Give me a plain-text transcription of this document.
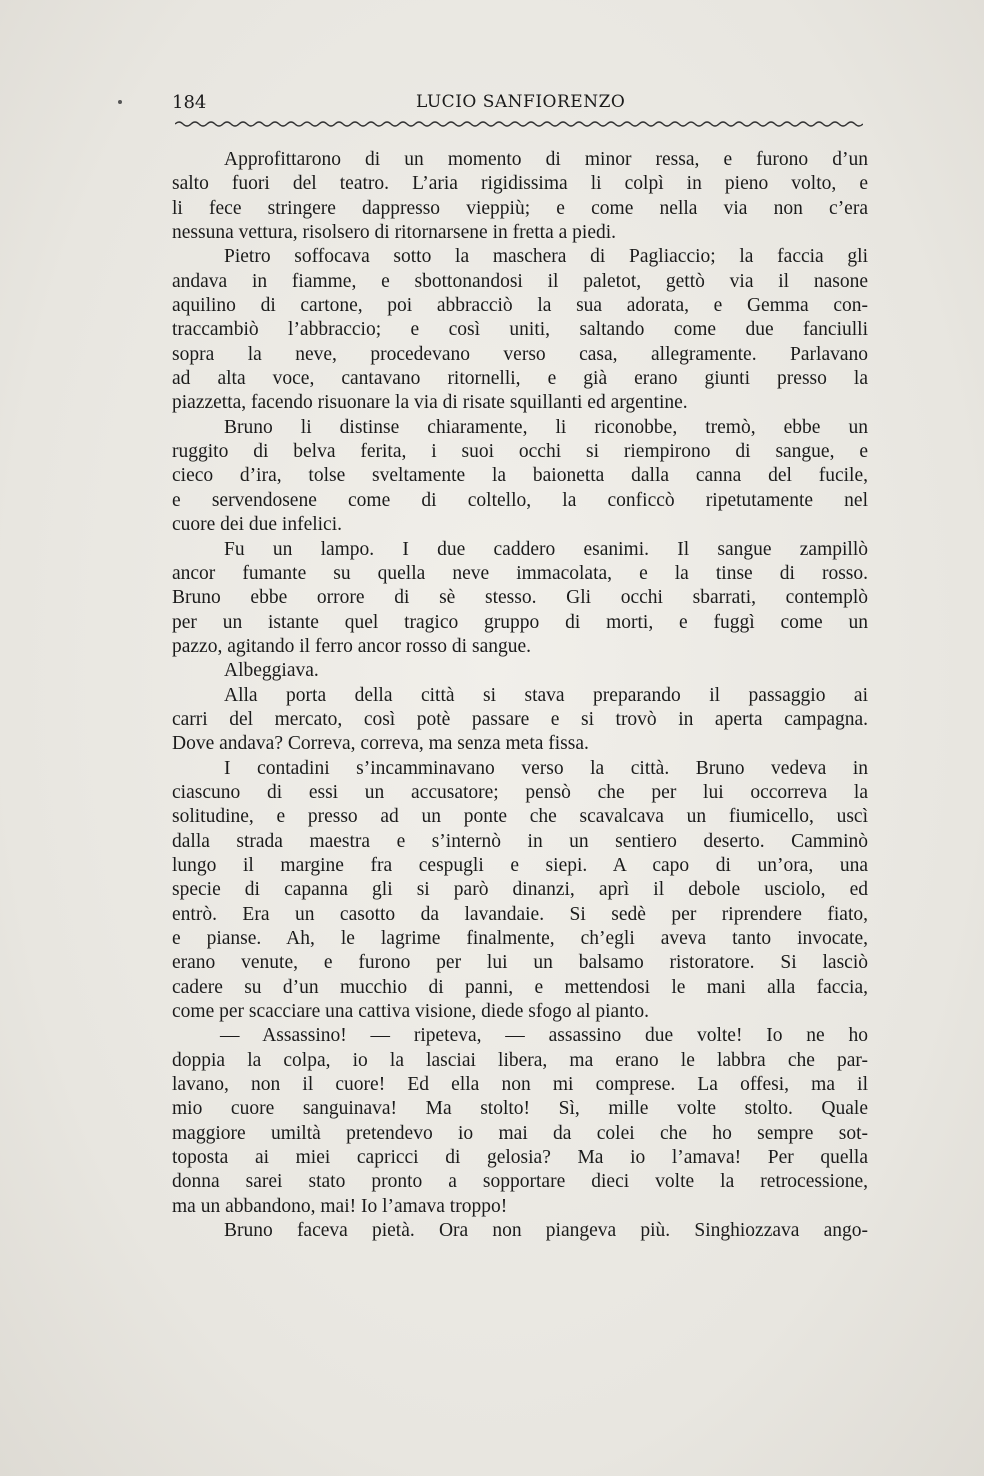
184	LUCIO SANFIORENZO
Approfittarono di un momento di minor ressa, e furono d’un
salto fuori del teatro. L’aria rigidissima li colpì in pieno volto, e
li fece stringere dappresso vieppiù; e come nella via non c’era
nessuna vettura, risolsero di ritornarsene in fretta a piedi.
Pietro soffocava sotto la maschera di Pagliaccio; la faccia gli
andava in fiamme, e sbottonandosi il paletot, gettò via il nasone
aquilino di cartone, poi abbracciò la sua adorata, e Gemma con-
traccambiò l’abbraccio; e così uniti, saltando come due fanciulli
sopra la neve, procedevano verso casa, allegramente. Parlavano
ad alta voce, cantavano ritornelli, e già erano giunti presso la
piazzetta, facendo risuonare la via di risate squillanti ed argentine.
Bruno li distinse chiaramente, li riconobbe, tremò, ebbe un
ruggito di belva ferita, i suoi occhi si riempirono di sangue, e
cieco d’ira, tolse sveltamente la baionetta dalla canna del fucile,
e servendosene come di coltello, la conficcò ripetutamente nel
cuore dei due infelici.
Fu un lampo. I due caddero esanimi. Il sangue zampillò
ancor fumante su quella neve immacolata, e la tinse di rosso.
Bruno ebbe orrore di sè stesso. Gli occhi sbarrati, contemplò
per un istante quel tragico gruppo di morti, e fuggì come un
pazzo, agitando il ferro ancor rosso di sangue.
Albeggiava.
Alla porta della città si stava preparando il passaggio ai
carri del mercato, così potè passare e si trovò in aperta campagna.
Dove andava? Correva, correva, ma senza meta fissa.
I contadini s’incamminavano verso la città. Bruno vedeva in
ciascuno di essi un accusatore; pensò che per lui occorreva la
solitudine, e presso ad un ponte che scavalcava un fiumicello, uscì
dalla strada maestra e s’internò in un sentiero deserto. Camminò
lungo il margine fra cespugli e siepi. A capo di un’ora, una
specie di capanna gli si parò dinanzi, aprì il debole usciolo, ed
entrò. Era un casotto da lavandaie. Si sedè per riprendere fiato,
e pianse. Ah, le lagrime finalmente, ch’egli aveva tanto invocate,
erano venute, e furono per lui un balsamo ristoratore. Si lasciò
cadere su d’un mucchio di panni, e mettendosi le mani alla faccia,
come per scacciare una cattiva visione, diede sfogo al pianto.
— Assassino! — ripeteva, — assassino due volte! Io ne ho
doppia la colpa, io la lasciai libera, ma erano le labbra che par-
lavano, non il cuore! Ed ella non mi comprese. La offesi, ma il
mio cuore sanguinava! Ma stolto! Sì, mille volte stolto. Quale
maggiore umiltà pretendevo io mai da colei che ho sempre sot-
toposta ai miei capricci di gelosia? Ma io l’amava! Per quella
donna sarei stato pronto a sopportare dieci volte la retrocessione,
ma un abbandono, mai! Io l’amava troppo!
Bruno faceva pietà. Ora non piangeva più. Singhiozzava ango-
